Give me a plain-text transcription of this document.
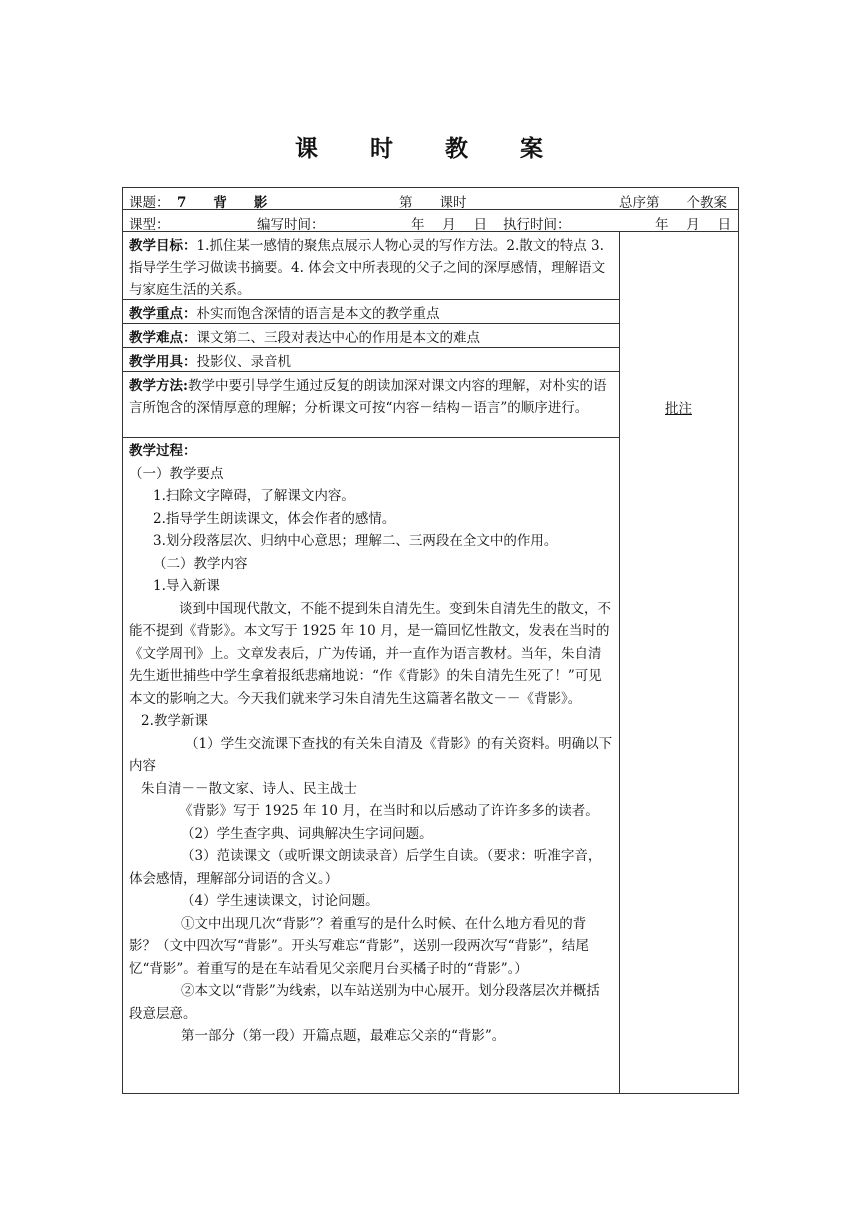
课 时 教 案
课题： 7　　背　　影	第　　课时	总序第　　个教案
课型：	编写时间：	年　 月　 日 执行时间：	年　 月　 日
教学目标：1.抓住某一感情的聚焦点展示人物心灵的写作方法。2.散文的特点 3.指导学生学习做读书摘要。4. 体会文中所表现的父子之间的深厚感情，理解语文与家庭生活的关系。
教学重点：朴实而饱含深情的语言是本文的教学重点
教学难点：课文第二、三段对表达中心的作用是本文的难点
教学用具：投影仪、录音机
教学方法:教学中要引导学生通过反复的朗读加深对课文内容的理解，对朴实的语言所饱含的深情厚意的理解；分析课文可按“内容－结构－语言”的顺序进行。

教学过程：

（一）教学要点

1.扫除文字障碍，了解课文内容。

2.指导学生朗读课文，体会作者的感情。

3.划分段落层次、归纳中心意思；理解二、三两段在全文中的作用。

（二）教学内容

1.导入新课

谈到中国现代散文，不能不提到朱自清先生。变到朱自清先生的散文，不能不提到《背影》。本文写于 1925 年 10 月，是一篇回忆性散文，发表在当时的《文学周刊》上。文章发表后，广为传诵，并一直作为语言教材。当年，朱自清先生逝世捕些中学生拿着报纸悲痛地说：“作《背影》的朱自清先生死了！”可见本文的影响之大。今天我们就来学习朱自清先生这篇著名散文－－《背影》。

2.教学新课

（1）学生交流课下查找的有关朱自清及《背影》的有关资料。明确以下内容

朱自清－－散文家、诗人、民主战士

《背影》写于 1925 年 10 月，在当时和以后感动了许许多多的读者。

（2）学生查字典、词典解决生字词问题。

（3）范读课文（或听课文朗读录音）后学生自读。（要求：听准字音，体会感情，理解部分词语的含义。）

（4）学生速读课文，讨论问题。

①文中出现几次“背影”？着重写的是什么时候、在什么地方看见的背影？（文中四次写“背影”。开头写难忘“背影”，送别一段两次写“背影”，结尾忆“背影”。着重写的是在车站看见父亲爬月台买橘子时的“背影”。）

②本文以“背影”为线索，以车站送别为中心展开。划分段落层次并概括段意层意。

第一部分（第一段）开篇点题，最难忘父亲的“背影”。

批注
